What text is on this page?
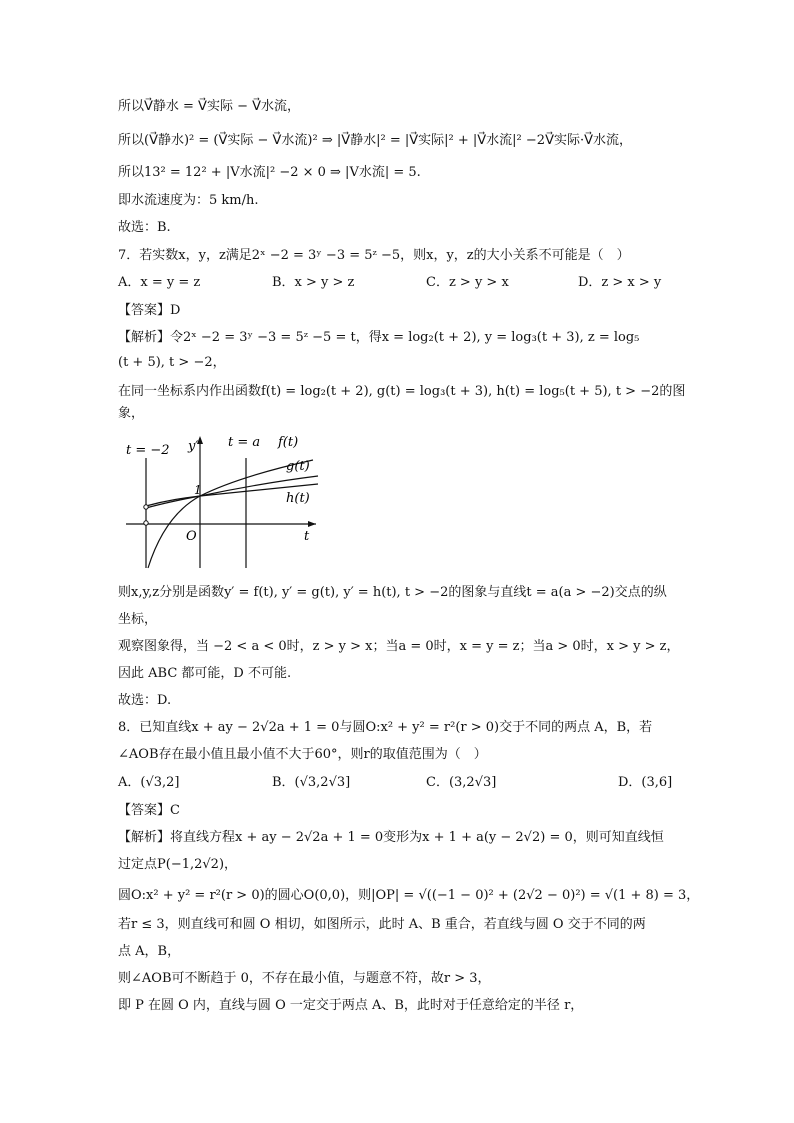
所以V⃗静水 = V⃗实际 − V⃗水流，
所以(V⃗静水)² = (V⃗实际 − V⃗水流)² ⇒ |V⃗静水|² = |V⃗实际|² + |V⃗水流|² −2V⃗实际·V⃗水流，
所以13² = 12² + |V水流|² −2 × 0 ⇒ |V水流| = 5.
即水流速度为：5 km/h.
故选：B.
7．若实数x，y，z满足2ˣ −2 = 3ʸ −3 = 5ᶻ −5，则x，y，z的大小关系不可能是（　）
A．x = y = z	B．x > y > z	C．z > y > x	D．z > x > y
【答案】D
【解析】令2ˣ −2 = 3ʸ −3 = 5ᶻ −5 = t，得x = log₂(t + 2), y = log₃(t + 3), z = log₅
(t + 5), t > −2，
在同一坐标系内作出函数f(t) = log₂(t + 2), g(t) = log₃(t + 3), h(t) = log₅(t + 5), t > −2的图
象，
t = −2 y′ t = a f(t)
g(t)
h(t)
1
O	t
则x,y,z分别是函数y′ = f(t), y′ = g(t), y′ = h(t), t > −2的图象与直线t = a(a > −2)交点的纵
坐标，
观察图象得，当 −2 < a < 0时，z > y > x；当a = 0时，x = y = z；当a > 0时，x > y > z，
因此 ABC 都可能，D 不可能.
故选：D.
8．已知直线x + ay − 2√2a + 1 = 0与圆O:x² + y² = r²(r > 0)交于不同的两点 A，B，若
∠AOB存在最小值且最小值不大于60°，则r的取值范围为（　）
A．(√3,2]	B．(√3,2√3]	C．(3,2√3]	D．(3,6]
【答案】C
【解析】将直线方程x + ay − 2√2a + 1 = 0变形为x + 1 + a(y − 2√2) = 0，则可知直线恒
过定点P(−1,2√2)，
圆O:x² + y² = r²(r > 0)的圆心O(0,0)，则|OP| = √((−1 − 0)² + (2√2 − 0)²) = √(1 + 8) = 3，
若r ≤ 3，则直线可和圆 O 相切，如图所示，此时 A、B 重合，若直线与圆 O 交于不同的两
点 A，B，
则∠AOB可不断趋于 0，不存在最小值，与题意不符，故r > 3，
即 P 在圆 O 内，直线与圆 O 一定交于两点 A、B，此时对于任意给定的半径 r，
